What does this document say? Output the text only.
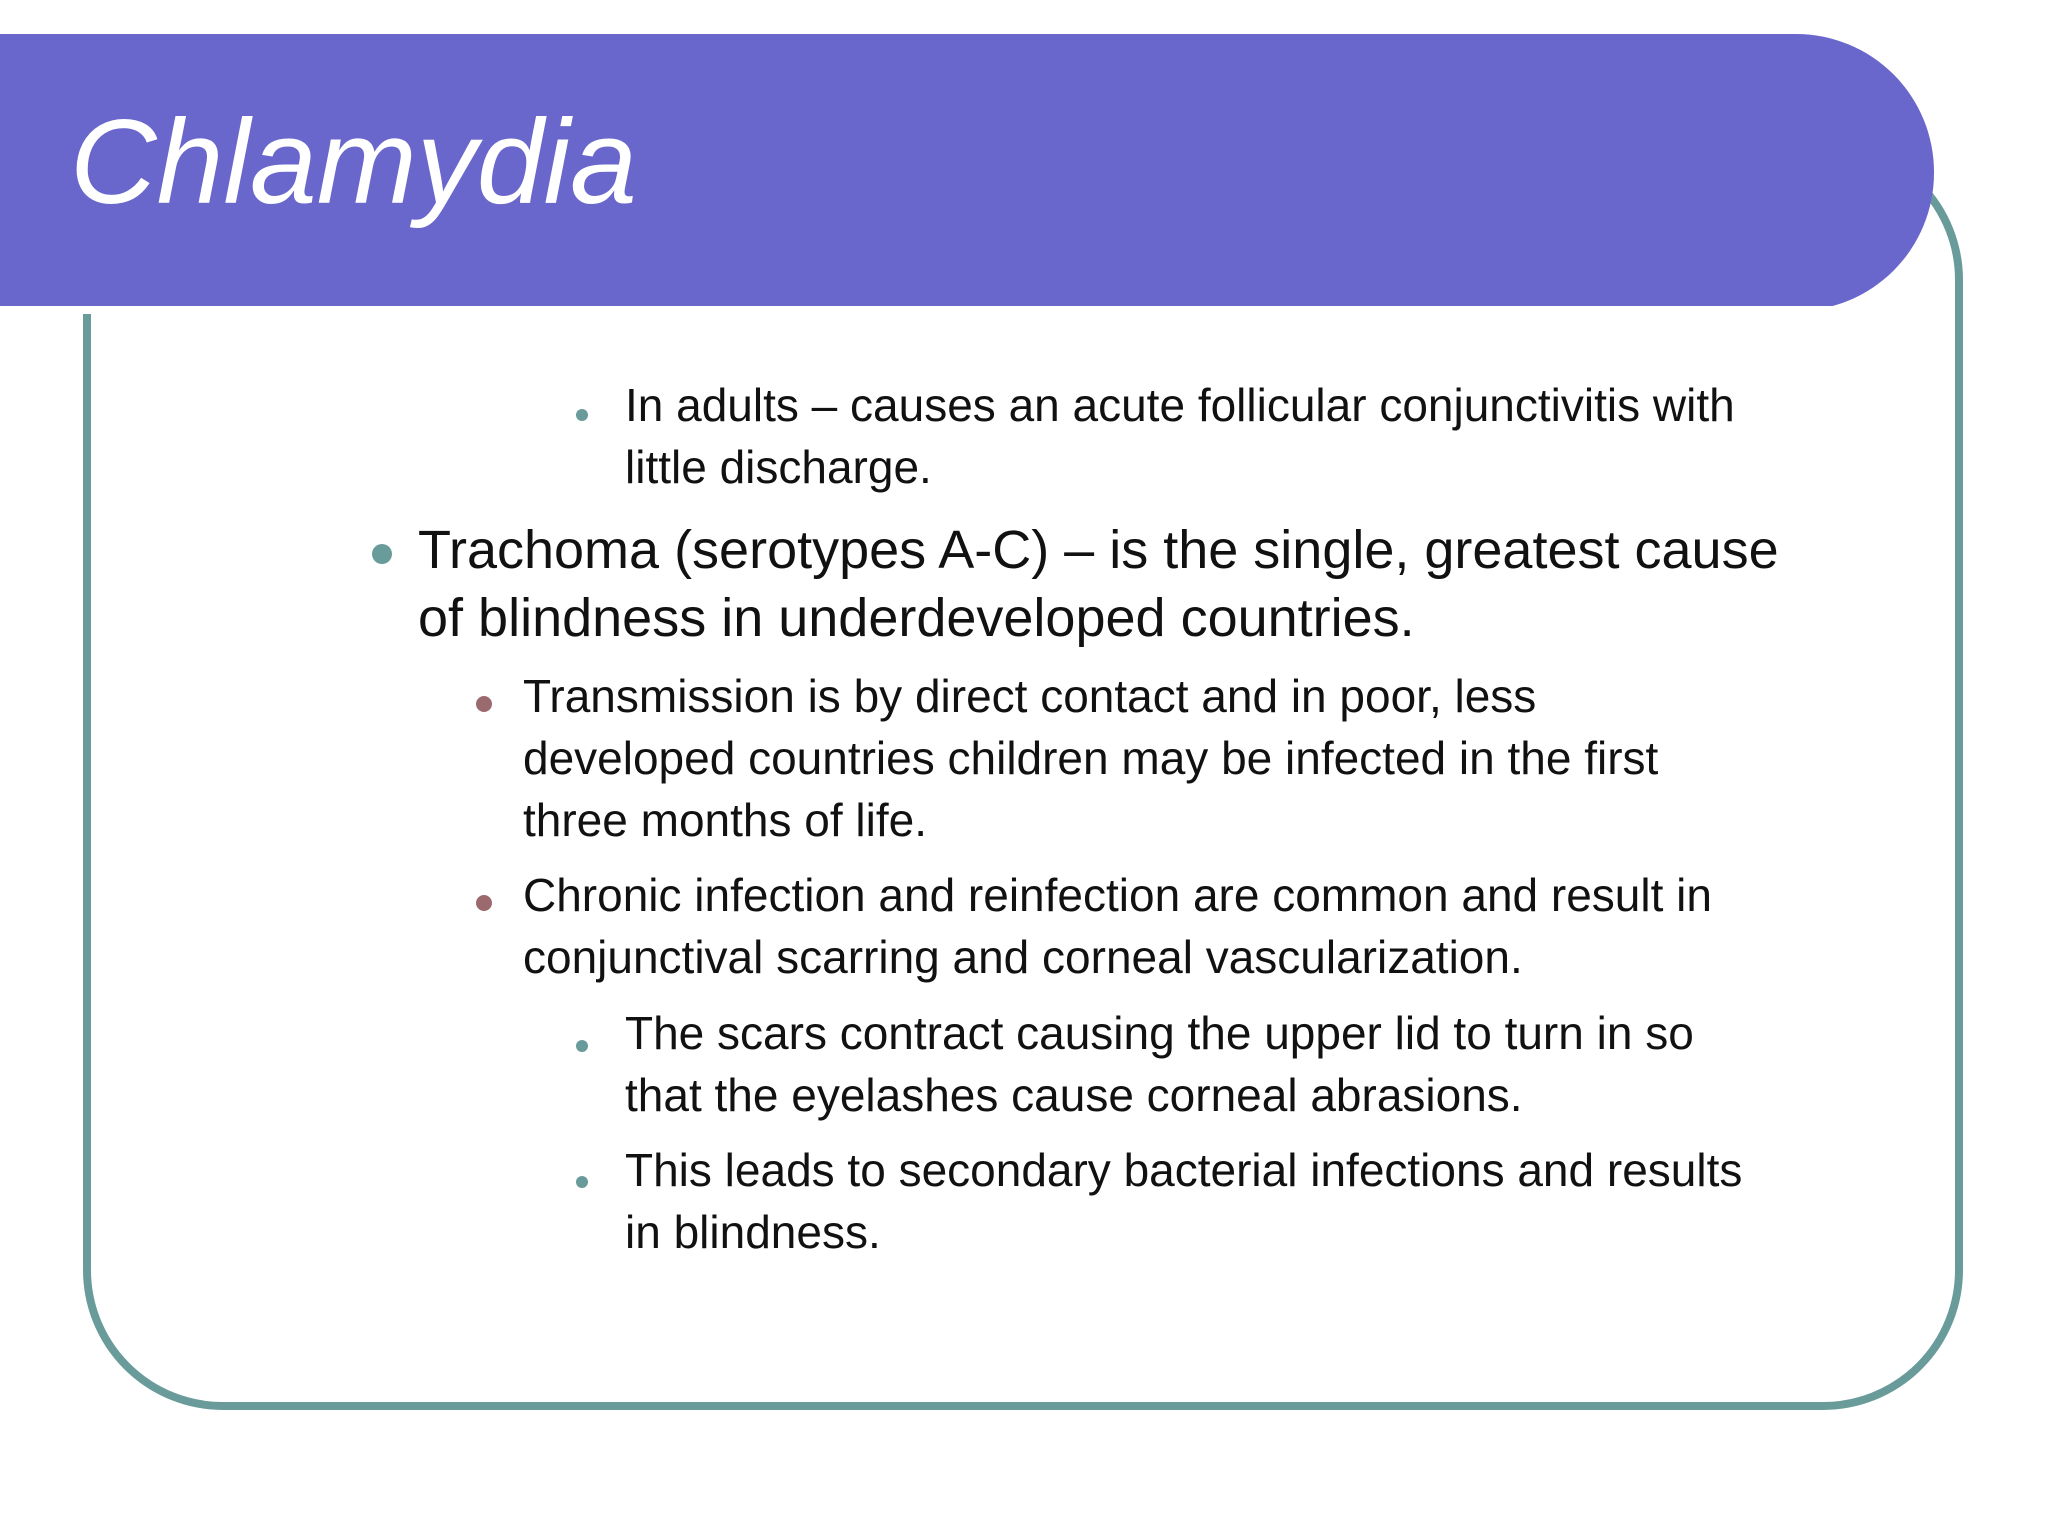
Chlamydia
In adults – causes an acute follicular conjunctivitis with
little discharge.
Trachoma (serotypes A-C) – is the single, greatest cause
of blindness in underdeveloped countries.
Transmission is by direct contact and in poor, less
developed countries children may be infected in the first
three months of life.
Chronic infection and reinfection are common and result in
conjunctival scarring and corneal vascularization.
The scars contract causing the upper lid to turn in so
that the eyelashes cause corneal abrasions.
This leads to secondary bacterial infections and results
in blindness.
